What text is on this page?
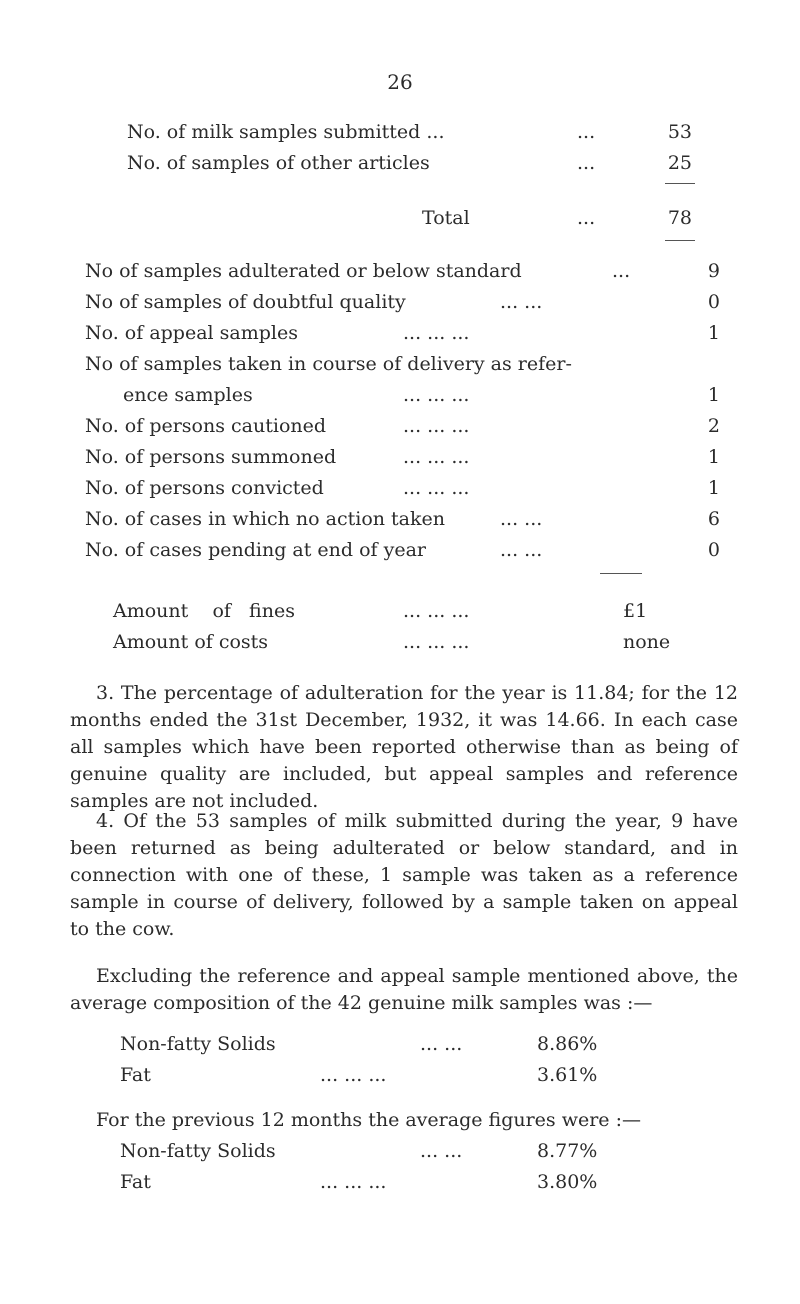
26
No. of milk samples submitted ...	...	53
No. of samples of other articles	...	25
Total	...	78
No of samples adulterated or below standard	...	9
No of samples of doubtful quality	... ...	0
No. of appeal samples	... ... ...	1
No of samples taken in course of delivery as refer-
ence samples	... ... ...	1
No. of persons cautioned	... ... ...	2
No. of persons summoned	... ... ...	1
No. of persons convicted	... ... ...	1
No. of cases in which no action taken	... ...	6
No. of cases pending at end of year	... ...	0
Amount    of   fines	... ... ...	£1
Amount of costs	... ... ...	none

3. The percentage of adulteration for the year is 11.84; for the 12 months ended the 31st December, 1932, it was 14.66. In each case all samples which have been reported otherwise than as being of genuine quality are included, but appeal samples and reference samples are not included.

4. Of the 53 samples of milk submitted during the year, 9 have been returned as being adulterated or below standard, and in connection with one of these, 1 sample was taken as a reference sample in course of delivery, followed by a sample taken on appeal to the cow.

Excluding the reference and appeal sample mentioned above, the average composition of the 42 genuine milk samples was :—

Non-fatty Solids	... ...	8.86%
Fat	... ... ...	3.61%
For the previous 12 months the average figures were :—
Non-fatty Solids	... ...	8.77%
Fat	... ... ...	3.80%
